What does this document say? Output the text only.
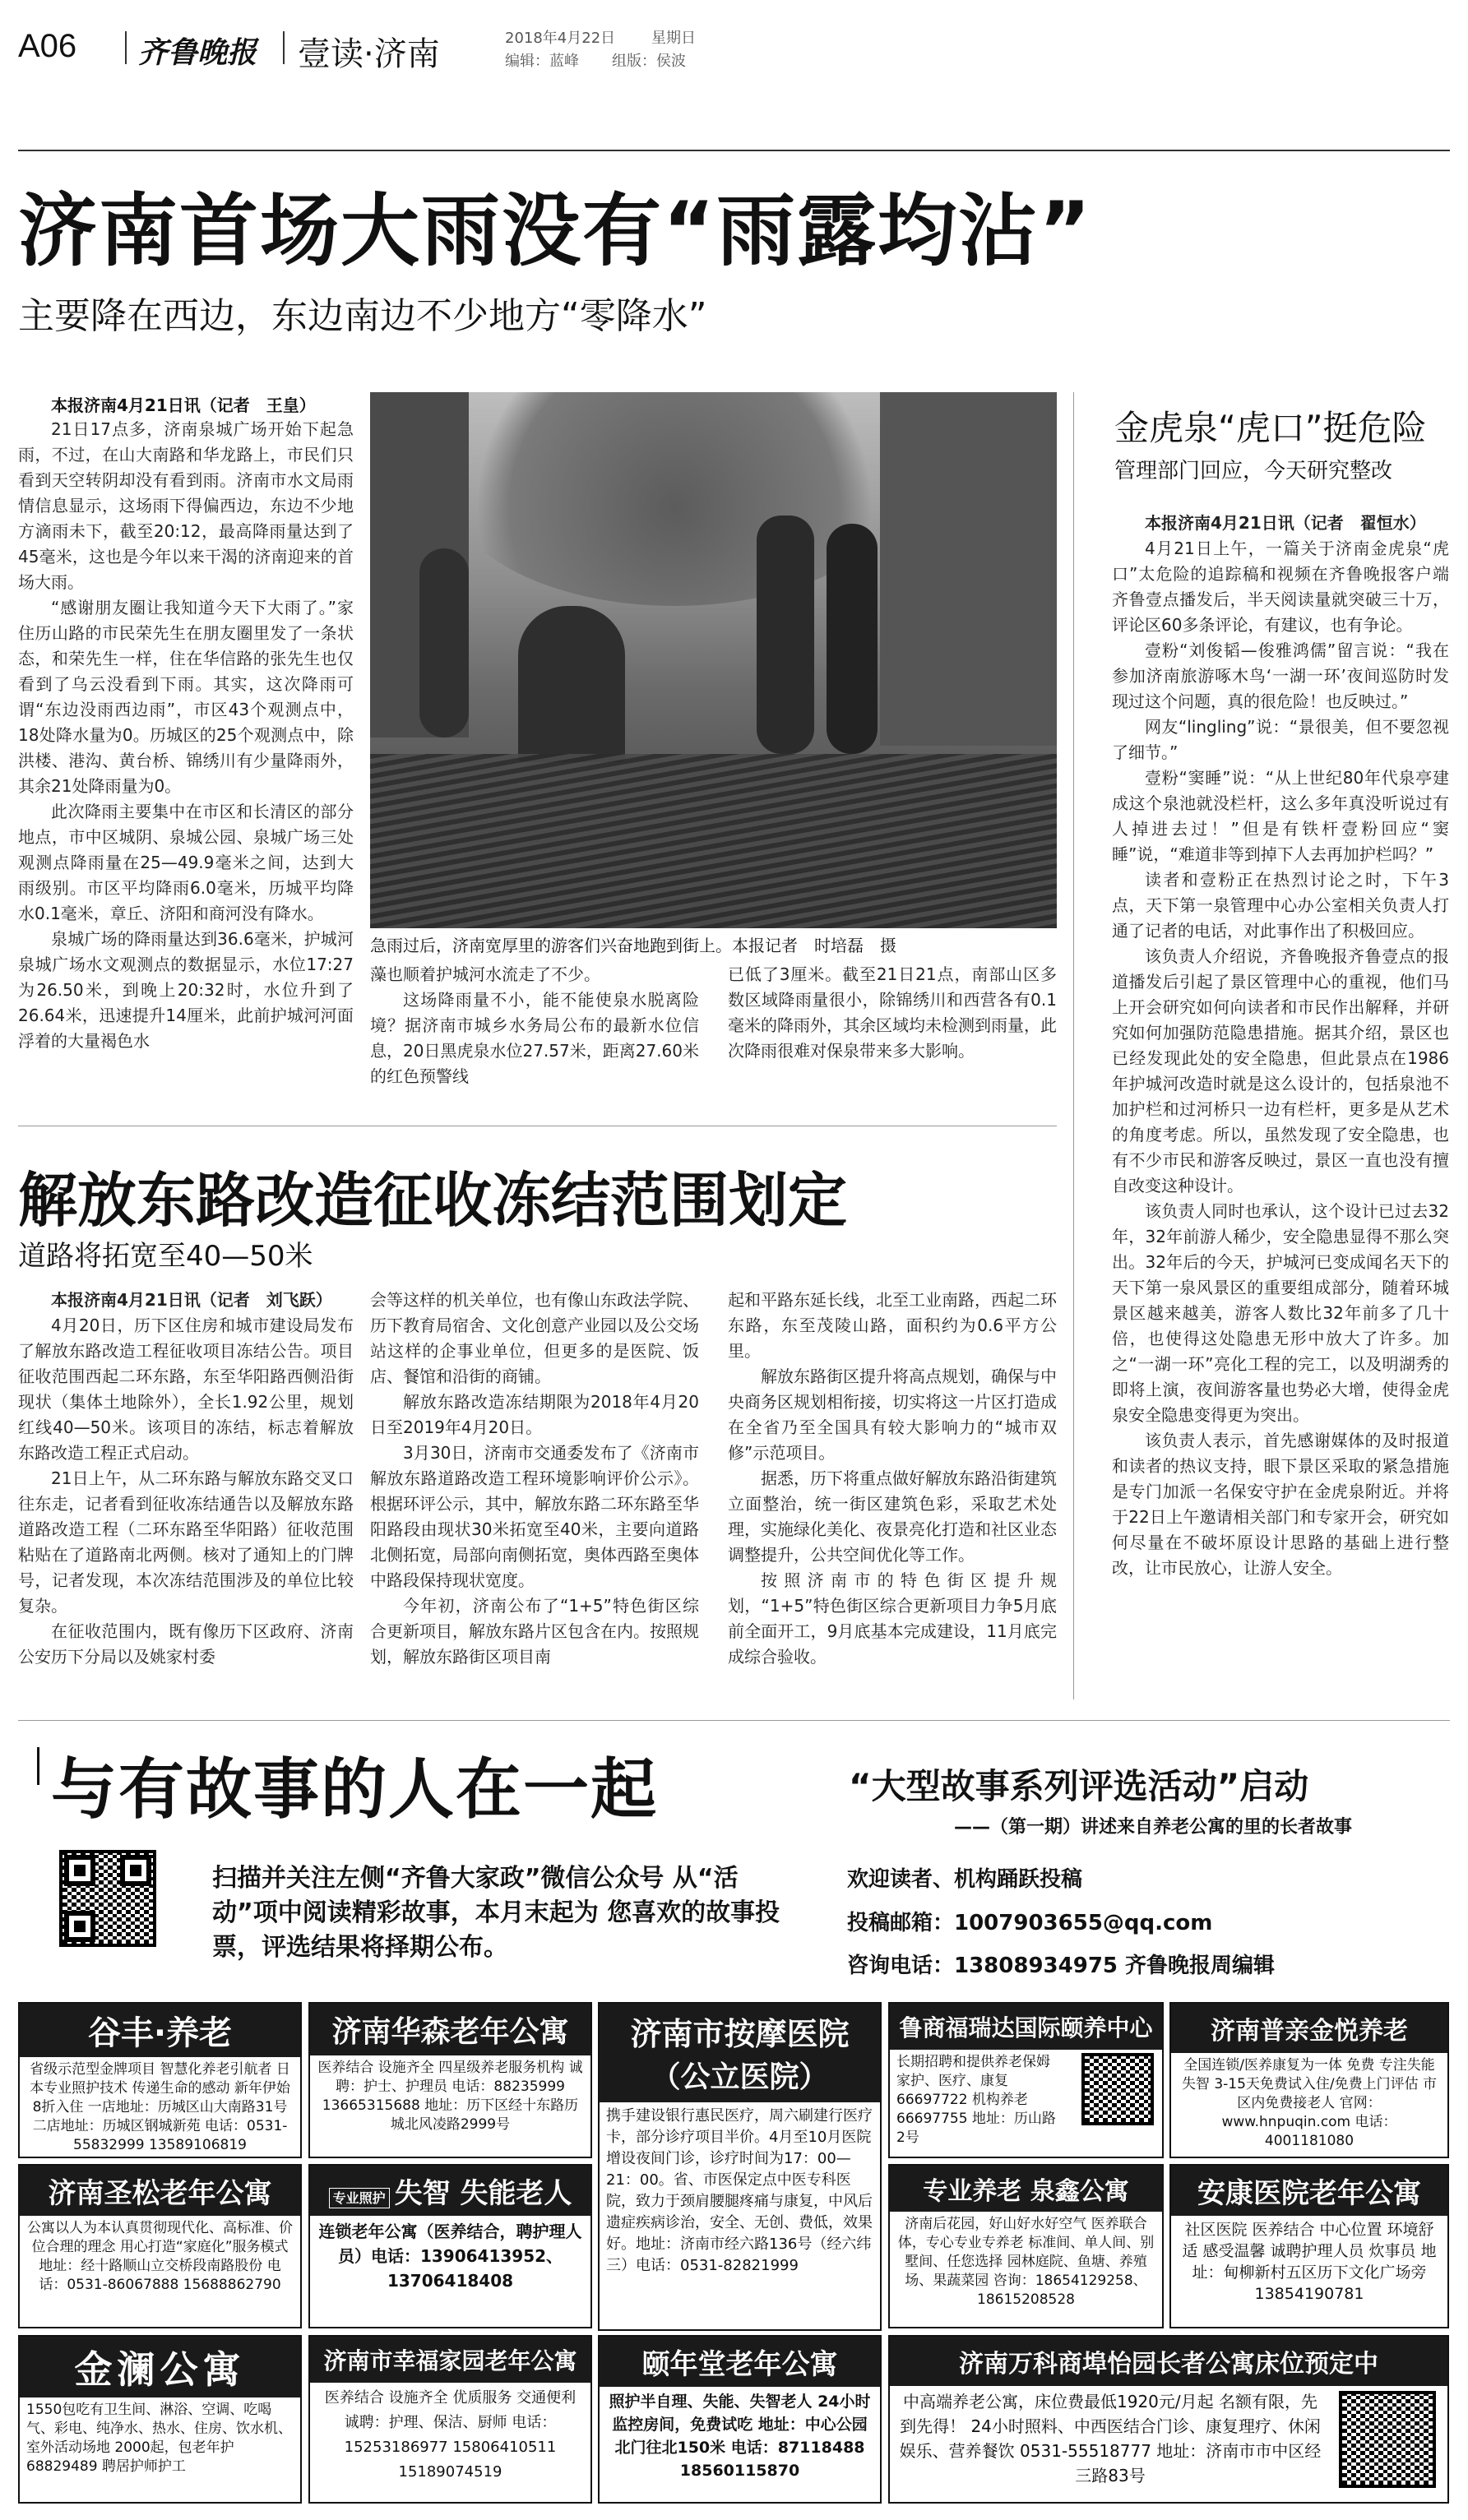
A06 齐鲁晚报 壹读·济南	2018年4月22日 星期日
编辑：蓝峰 组版：侯波
济南首场大雨没有“雨露均沾”
主要降在西边，东边南边不少地方“零降水”
本报济南4月21日讯（记者　王皇）

21日17点多，济南泉城广场开始下起急雨，不过，在山大南路和华龙路上，市民们只看到天空转阴却没有看到雨。济南市水文局雨情信息显示，这场雨下得偏西边，东边不少地方滴雨未下，截至20:12，最高降雨量达到了45毫米，这也是今年以来干渴的济南迎来的首场大雨。

“感谢朋友圈让我知道今天下大雨了。”家住历山路的市民荣先生在朋友圈里发了一条状态，和荣先生一样，住在华信路的张先生也仅看到了乌云没看到下雨。其实，这次降雨可谓“东边没雨西边雨”，市区43个观测点中，18处降水量为0。历城区的25个观测点中，除洪楼、港沟、黄台桥、锦绣川有少量降雨外，其余21处降雨量为0。

此次降雨主要集中在市区和长清区的部分地点，市中区城阴、泉城公园、泉城广场三处观测点降雨量在25—49.9毫米之间，达到大雨级别。市区平均降雨6.0毫米，历城平均降水0.1毫米，章丘、济阳和商河没有降水。

泉城广场的降雨量达到36.6毫米，护城河泉城广场水文观测点的数据显示，水位17:27为26.50米，到晚上20:32时，水位升到了26.64米，迅速提升14厘米，此前护城河河面浮着的大量褐色水

急雨过后，济南宽厚里的游客们兴奋地跑到街上。本报记者　时培磊　摄

藻也顺着护城河水流走了不少。

这场降雨量不小，能不能使泉水脱离险境？据济南市城乡水务局公布的最新水位信息，20日黑虎泉水位27.57米，距离27.60米的红色预警线

已低了3厘米。截至21日21点，南部山区多数区域降雨量很小，除锦绣川和西营各有0.1毫米的降雨外，其余区域均未检测到雨量，此次降雨很难对保泉带来多大影响。

金虎泉“虎口”挺危险
管理部门回应，今天研究整改

本报济南4月21日讯（记者　翟恒水）

4月21日上午，一篇关于济南金虎泉“虎口”太危险的追踪稿和视频在齐鲁晚报客户端齐鲁壹点播发后，半天阅读量就突破三十万，评论区60多条评论，有建议，也有争论。

壹粉“刘俊韬—俊雅鸿儒”留言说：“我在参加济南旅游啄木鸟‘一湖一环’夜间巡防时发现过这个问题，真的很危险！也反映过。”

网友“lingling”说：“景很美，但不要忽视了细节。”

壹粉“窦睡”说：“从上世纪80年代泉亭建成这个泉池就没栏杆，这么多年真没听说过有人掉进去过！”但是有铁杆壹粉回应“窦睡”说，“难道非等到掉下人去再加护栏吗？”

读者和壹粉正在热烈讨论之时，下午3点，天下第一泉管理中心办公室相关负责人打通了记者的电话，对此事作出了积极回应。

该负责人介绍说，齐鲁晚报齐鲁壹点的报道播发后引起了景区管理中心的重视，他们马上开会研究如何向读者和市民作出解释，并研究如何加强防范隐患措施。据其介绍，景区也已经发现此处的安全隐患，但此景点在1986年护城河改造时就是这么设计的，包括泉池不加护栏和过河桥只一边有栏杆，更多是从艺术的角度考虑。所以，虽然发现了安全隐患，也有不少市民和游客反映过，景区一直也没有擅自改变这种设计。

该负责人同时也承认，这个设计已过去32年，32年前游人稀少，安全隐患显得不那么突出。32年后的今天，护城河已变成闻名天下的天下第一泉风景区的重要组成部分，随着环城景区越来越美，游客人数比32年前多了几十倍，也使得这处隐患无形中放大了许多。加之“一湖一环”亮化工程的完工，以及明湖秀的即将上演，夜间游客量也势必大增，使得金虎泉安全隐患变得更为突出。

该负责人表示，首先感谢媒体的及时报道和读者的热议支持，眼下景区采取的紧急措施是专门加派一名保安守护在金虎泉附近。并将于22日上午邀请相关部门和专家开会，研究如何尽量在不破坏原设计思路的基础上进行整改，让市民放心，让游人安全。

解放东路改造征收冻结范围划定
道路将拓宽至40—50米

本报济南4月21日讯（记者　刘飞跃）

4月20日，历下区住房和城市建设局发布了解放东路改造工程征收项目冻结公告。项目征收范围西起二环东路，东至华阳路西侧沿街现状（集体土地除外），全长1.92公里，规划红线40—50米。该项目的冻结，标志着解放东路改造工程正式启动。

21日上午，从二环东路与解放东路交叉口往东走，记者看到征收冻结通告以及解放东路道路改造工程（二环东路至华阳路）征收范围粘贴在了道路南北两侧。核对了通知上的门牌号，记者发现，本次冻结范围涉及的单位比较复杂。

在征收范围内，既有像历下区政府、济南公安历下分局以及姚家村委

会等这样的机关单位，也有像山东政法学院、历下教育局宿舍、文化创意产业园以及公交场站这样的企事业单位，但更多的是医院、饭店、餐馆和沿街的商铺。

解放东路改造冻结期限为2018年4月20日至2019年4月20日。

3月30日，济南市交通委发布了《济南市解放东路道路改造工程环境影响评价公示》。根据环评公示，其中，解放东路二环东路至华阳路段由现状30米拓宽至40米，主要向道路北侧拓宽，局部向南侧拓宽，奥体西路至奥体中路段保持现状宽度。

今年初，济南公布了“1+5”特色街区综合更新项目，解放东路片区包含在内。按照规划，解放东路街区项目南

起和平路东延长线，北至工业南路，西起二环东路，东至茂陵山路，面积约为0.6平方公里。

解放东路街区提升将高点规划，确保与中央商务区规划相衔接，切实将这一片区打造成在全省乃至全国具有较大影响力的“城市双修”示范项目。

据悉，历下将重点做好解放东路沿街建筑立面整治，统一街区建筑色彩，采取艺术处理，实施绿化美化、夜景亮化打造和社区业态调整提升，公共空间优化等工作。

按照济南市的特色街区提升规划，“1+5”特色街区综合更新项目力争5月底前全面开工，9月底基本完成建设，11月底完成综合验收。

与有故事的人在一起	“大型故事系列评选活动”启动
——（第一期）讲述来自养老公寓的里的长者故事
扫描并关注左侧“齐鲁大家政”微信公众号 从“活动”项中阅读精彩故事，本月末起为 您喜欢的故事投票，评选结果将择期公布。
欢迎读者、机构踊跃投稿
投稿邮箱：1007903655@qq.com
咨询电话：13808934975 齐鲁晚报周编辑
谷丰·养老
省级示范型金牌项目 智慧化养老引航者 日本专业照护技术 传递生命的感动 新年伊始8折入住 一店地址：历城区山大南路31号 二店地址：历城区钢城新苑 电话：0531-55832999 13589106819
济南华森老年公寓
医养结合 设施齐全 四星级养老服务机构 诚聘：护士、护理员 电话：88235999 13665315688 地址：历下区经十东路历城北风凌路2999号
济南市按摩医院
（公立医院）
携手建设银行惠民医疗，周六刷建行医疗卡，部分诊疗项目半价。4月至10月医院增设夜间门诊，诊疗时间为17：00—21：00。省、市医保定点中医专科医院，致力于颈肩腰腿疼痛与康复，中风后遗症疾病诊治，安全、无创、费低，效果好。地址：济南市经六路136号（经六纬三）电话：0531-82821999
鲁商福瑞达国际颐养中心
长期招聘和提供养老保姆 家护、医疗、康复 66697722 机构养老 66697755 地址：历山路2号
济南普亲金悦养老
全国连锁/医养康复为一体 免费 专注失能失智 3-15天免费试入住/免费上门评估 市区内免费接老人 官网：www.hnpuqin.com 电话：4001181080
济南圣松老年公寓
公寓以人为本认真贯彻现代化、高标准、价位合理的理念 用心打造“家庭化”服务模式 地址：经十路顺山立交桥段南路股份 电话：0531-86067888 15688862790
专业照护 失智 失能老人
连锁老年公寓（医养结合，聘护理人员）电话：13906413952、13706418408
专业养老 泉鑫公寓
济南后花园，好山好水好空气 医养联合体，专心专业专养老 标准间、单人间、别墅间、任您选择 园林庭院、鱼塘、养殖场、果蔬菜园 咨询：18654129258、18615208528
安康医院老年公寓
社区医院 医养结合 中心位置 环境舒适 感受温馨 诚聘护理人员 炊事员 地址：甸柳新村五区历下文化广场旁 13854190781
金澜公寓
1550包吃有卫生间、淋浴、空调、吃喝气、彩电、纯净水、热水、住房、饮水机、室外活动场地 2000起，包老年护 68829489 聘居护师护工
济南市幸福家园老年公寓
医养结合 设施齐全 优质服务 交通便利 诚聘：护理、保洁、厨师 电话：15253186977 15806410511 15189074519
颐年堂老年公寓
照护半自理、失能、失智老人 24小时监控房间，免费试吃 地址：中心公园北门往北150米 电话：87118488 18560115870
济南万科商埠怡园长者公寓床位预定中
中高端养老公寓，床位费最低1920元/月起 名额有限，先到先得！ 24小时照料、中西医结合门诊、康复理疗、休闲娱乐、营养餐饮 0531-55518777 地址：济南市市中区经三路83号
